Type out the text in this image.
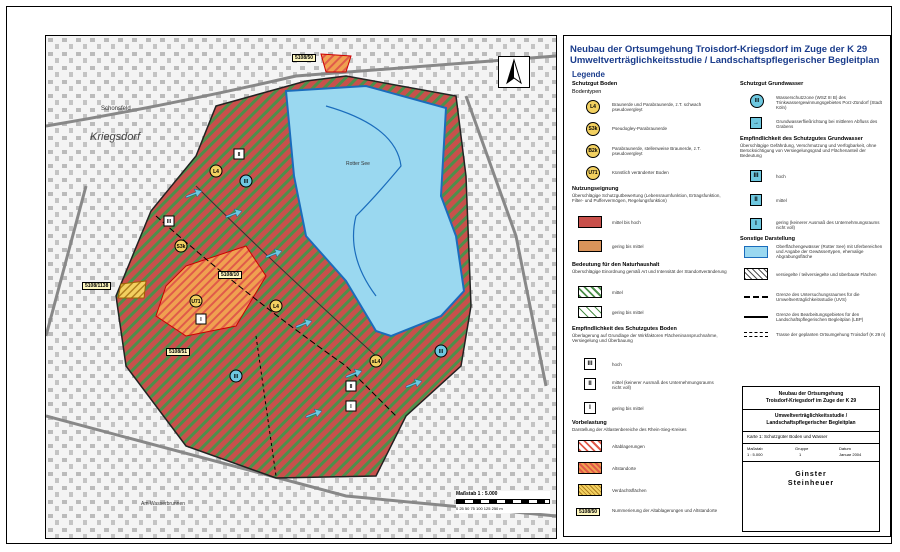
L4
S3k
L4
sL4
U71
III
III
III
II
III
II
I
I
5108/50
5108/10
5108/1138
5108/51
Rotter See
Kriegsdorf
Schonsfeld
Am Wasserbrunnen
Maßstab 1 : 5.000
0 25 50 75 100 125 250 m
Neubau der Ortsumgehung Troisdorf-Kriegsdorf im Zuge der K 29
Umweltverträglichkeitsstudie / Landschaftspflegerischer Begleitplan
Legende
Schutzgut Boden
Bodentypen
L4	Braunerde und Parabraunerde, z.T. schwach pseudovergleyt
S3k	Pseudogley-Parabraunerde
B2k	Parabraunerde, stellenweise Braunerde, z.T. pseudovergleyt
U71	Künstlich veränderter Boden
Nutzungseignung
Überschlägige Schutzgutbewertung (Lebensraumfunktion, Ertragsfunktion, Filter- und Puffervermögen, Regelungsfunktion)
mittel bis hoch
gering bis mittel
Bedeutung für den Naturhaushalt
Überschlägige Einordnung gemäß Art und Intensität der Standortveränderung
mittel
gering bis mittel
Empfindlichkeit des Schutzgutes Boden
Überlagerung auf Grundlage der Wirkfaktoren Flächeninanspruchnahme, Versiegelung und Überbauung
III	hoch
II	mittel (keinerer Ausmaß des Unternehmungsraums nicht voll)
I	gering bis mittel
Vorbelastung
Darstellung der Altlastenbereiche des Rhein-Sieg-Kreises
Altablagerungen
Altstandorte
Verdachtsflächen
5108/50	Nummerierung der Altablagerungen und Altstandorte
Schutzgut Grundwasser
III
Wasserschutzzone (WSZ III B) des Trinkwassergewinnungsgebietes Porz-Zündorf (Stadt Köln)
→	Grundwasserfließrichtung bei mittleren Abfluss des Grabens
Empfindlichkeit des Schutzgutes Grundwasser
Überschlägige Gefährdung, Verschmutzung und Verfügbarkeit, ohne Berücksichtigung von Versiegelungsgrad und Flächenanteil der Bedeutung
III	hoch
II	mittel
I	gering (keinerer Ausmaß des Unternehmungsraums nicht voll)
Sonstige Darstellung
Oberflächengewässer (Rotter See) mit Uferbereichen und Angabe der Gewässertypen, ehemalige Abgrabungsfläche
versiegelte / teilversiegelte und überbaute Flächen
Grenze des Untersuchungsraumes für die Umweltverträglichkeitsstudie (UVS)
Grenze des Bearbeitungsgebietes für den Landschaftspflegerischen Begleitplan (LBP)
Trasse der geplanten Ortsumgehung Troisdorf (K 29 n)
Neubau der Ortsumgehung
Troisdorf-Kriegsdorf im Zuge der K 29
Umweltverträglichkeitsstudie /
Landschaftspflegerischer Begleitplan
Karte 1: Schutzgüter Boden und Wasser
Maßstab
1 : 5.000
Gruppe
1
Datum
Januar 2004
Ginster
Steinheuer
